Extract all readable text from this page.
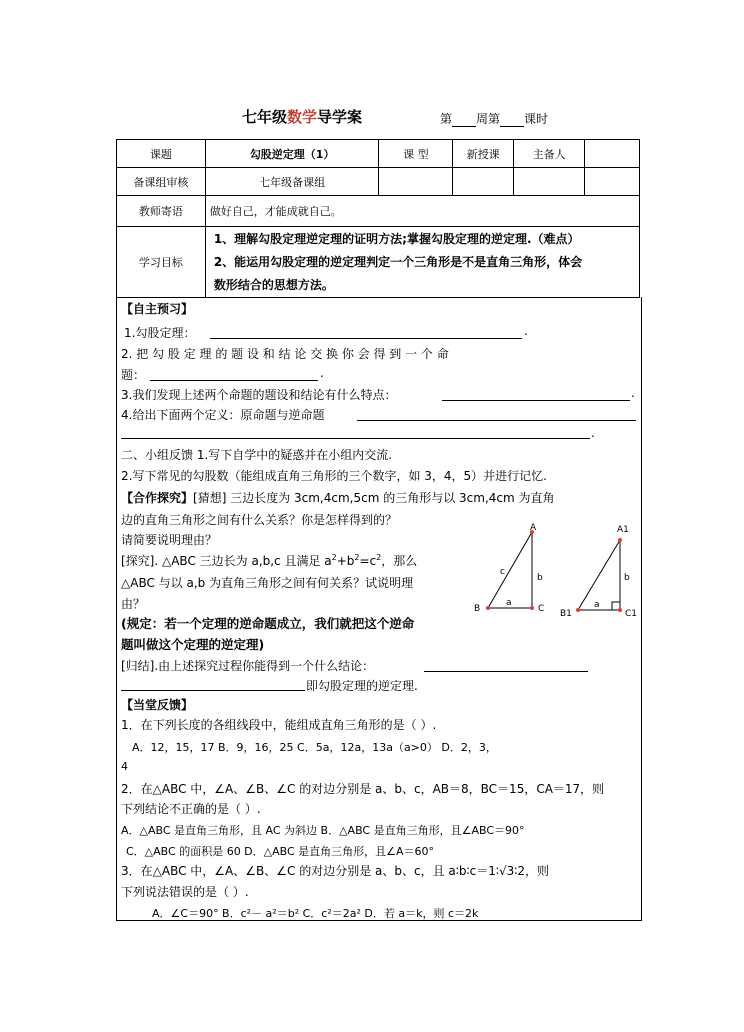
七年级数学导学案	第 周第 课时
课题	勾股逆定理（1）	课 型	新授课	主备人	
备课组审核	七年级备课组				
教师寄语	做好自己，才能成就自己。				
学习目标	1、理解勾股定理逆定理的证明方法;掌握勾股定理的逆定理.（难点）
2、能运用勾股定理的逆定理判定一个三角形是不是直角三角形，体会
数形结合的思想方法。				
【自主预习】
1.勾股定理：	.
2. 把 勾 股 定 理 的 题 设 和 结 论 交 换 你 会 得 到 一 个 命
题：	.
3.我们发现上述两个命题的题设和结论有什么特点：	.
4.给出下面两个定义：原命题与逆命题
.
二、小组反馈 1.写下自学中的疑惑并在小组内交流.
2.写下常见的勾股数（能组成直角三角形的三个数字，如 3，4，5）并进行记忆.
【合作探究】[猜想] 三边长度为 3cm,4cm,5cm 的三角形与以 3cm,4cm 为直角
边的直角三角形之间有什么关系？你是怎样得到的？
请简要说明理由？
[探究]. △ABC 三边长为 a,b,c 且满足 $a^2+b^2=c^2$，那么
△ABC 与以 a,b 为直角三角形之间有何关系？试说明理
由？
(规定：若一个定理的逆命题成立，我们就把这个逆命
题叫做这个定理的逆定理)
[归结].由上述探究过程你能得到一个什么结论：
即勾股定理的逆定理.
A
B	C
a
b
c
A1
B1	C1
a
b
【当堂反馈】
1．在下列长度的各组线段中，能组成直角三角形的是（ ）.
A．12，15，17 B．9，16，25 C．5a，12a，13a（a>0） D．2，3，
4
2．在△ABC 中，∠A、∠B、∠C 的对边分别是 a、b、c，AB＝8，BC＝15，CA＝17，则
下列结论不正确的是（ ）.
A．△ABC 是直角三角形，且 AC 为斜边 B．△ABC 是直角三角形，且∠ABC＝90°
C．△ABC 的面积是 60 D．△ABC 是直角三角形，且∠A＝60°
3．在△ABC 中，∠A、∠B、∠C 的对边分别是 a、b、c，且 a∶b∶c＝1∶√3∶2，则
下列说法错误的是（ ）.
A．∠C＝90° B．c²－ a²＝b² C．c²＝2a² D．若 a＝k，则 c＝2k
